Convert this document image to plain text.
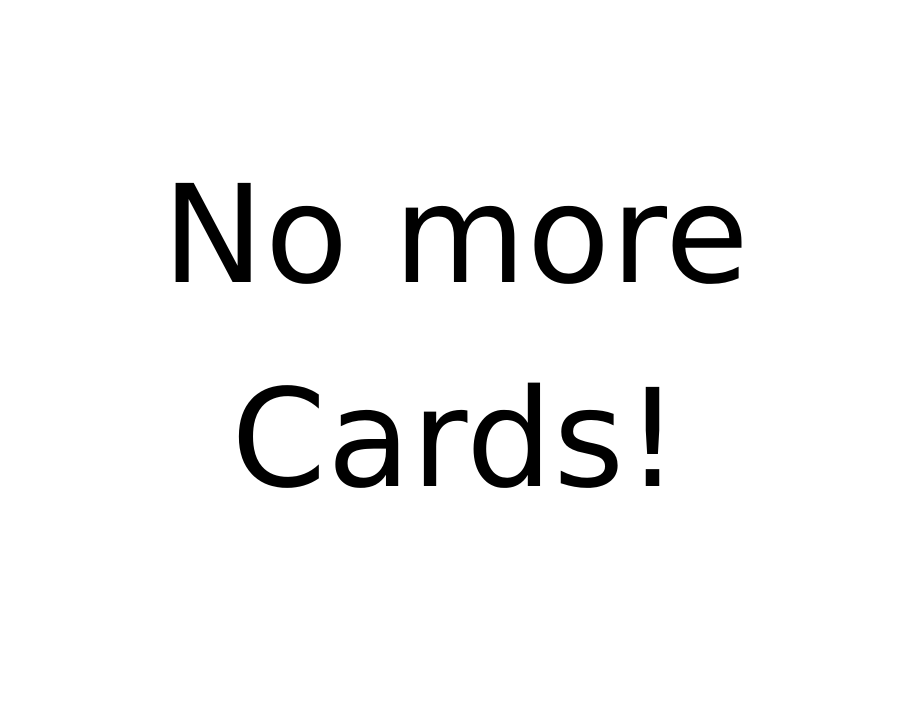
No more
Cards!
